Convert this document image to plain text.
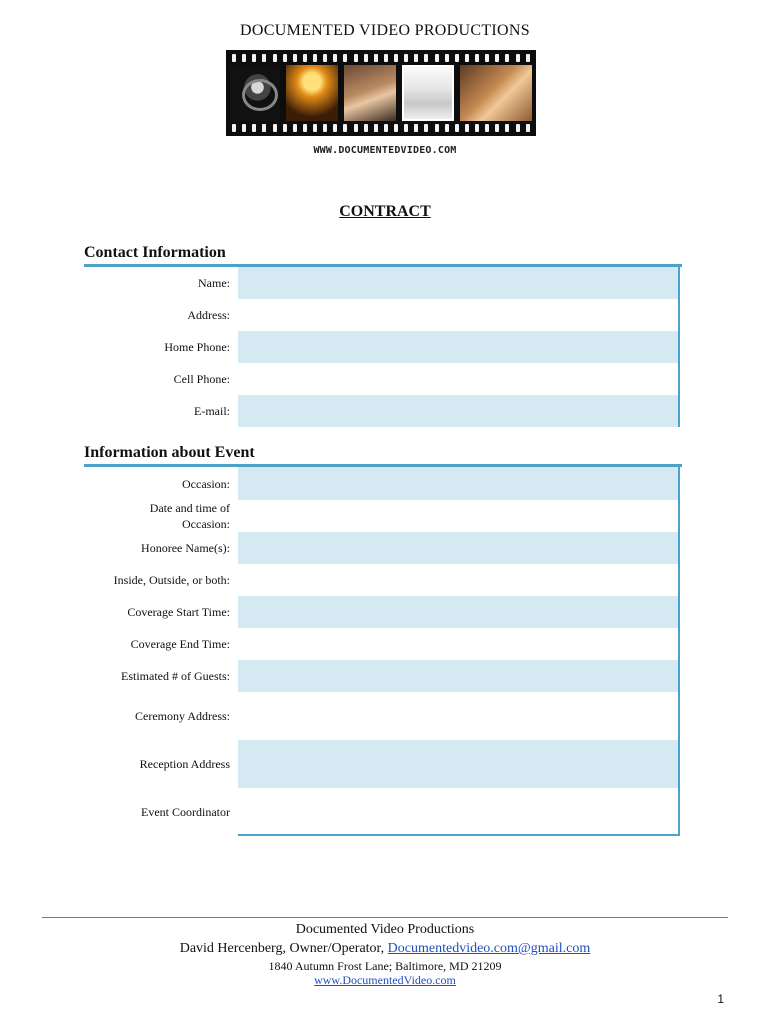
DOCUMENTED VIDEO PRODUCTIONS
WWW.DOCUMENTEDVIDEO.COM
CONTRACT
Contact Information
Name:
Address:
Home Phone:
Cell Phone:
E-mail:
Information about Event
Occasion:
Date and time of
Occasion:
Honoree Name(s):
Inside, Outside, or both:
Coverage Start Time:
Coverage End Time:
Estimated # of Guests:
Ceremony Address:
Reception Address
Event Coordinator
Documented Video Productions
David Hercenberg, Owner/Operator, Documentedvideo.com@gmail.com
1840 Autumn Frost Lane; Baltimore, MD 21209
www.DocumentedVideo.com
1
